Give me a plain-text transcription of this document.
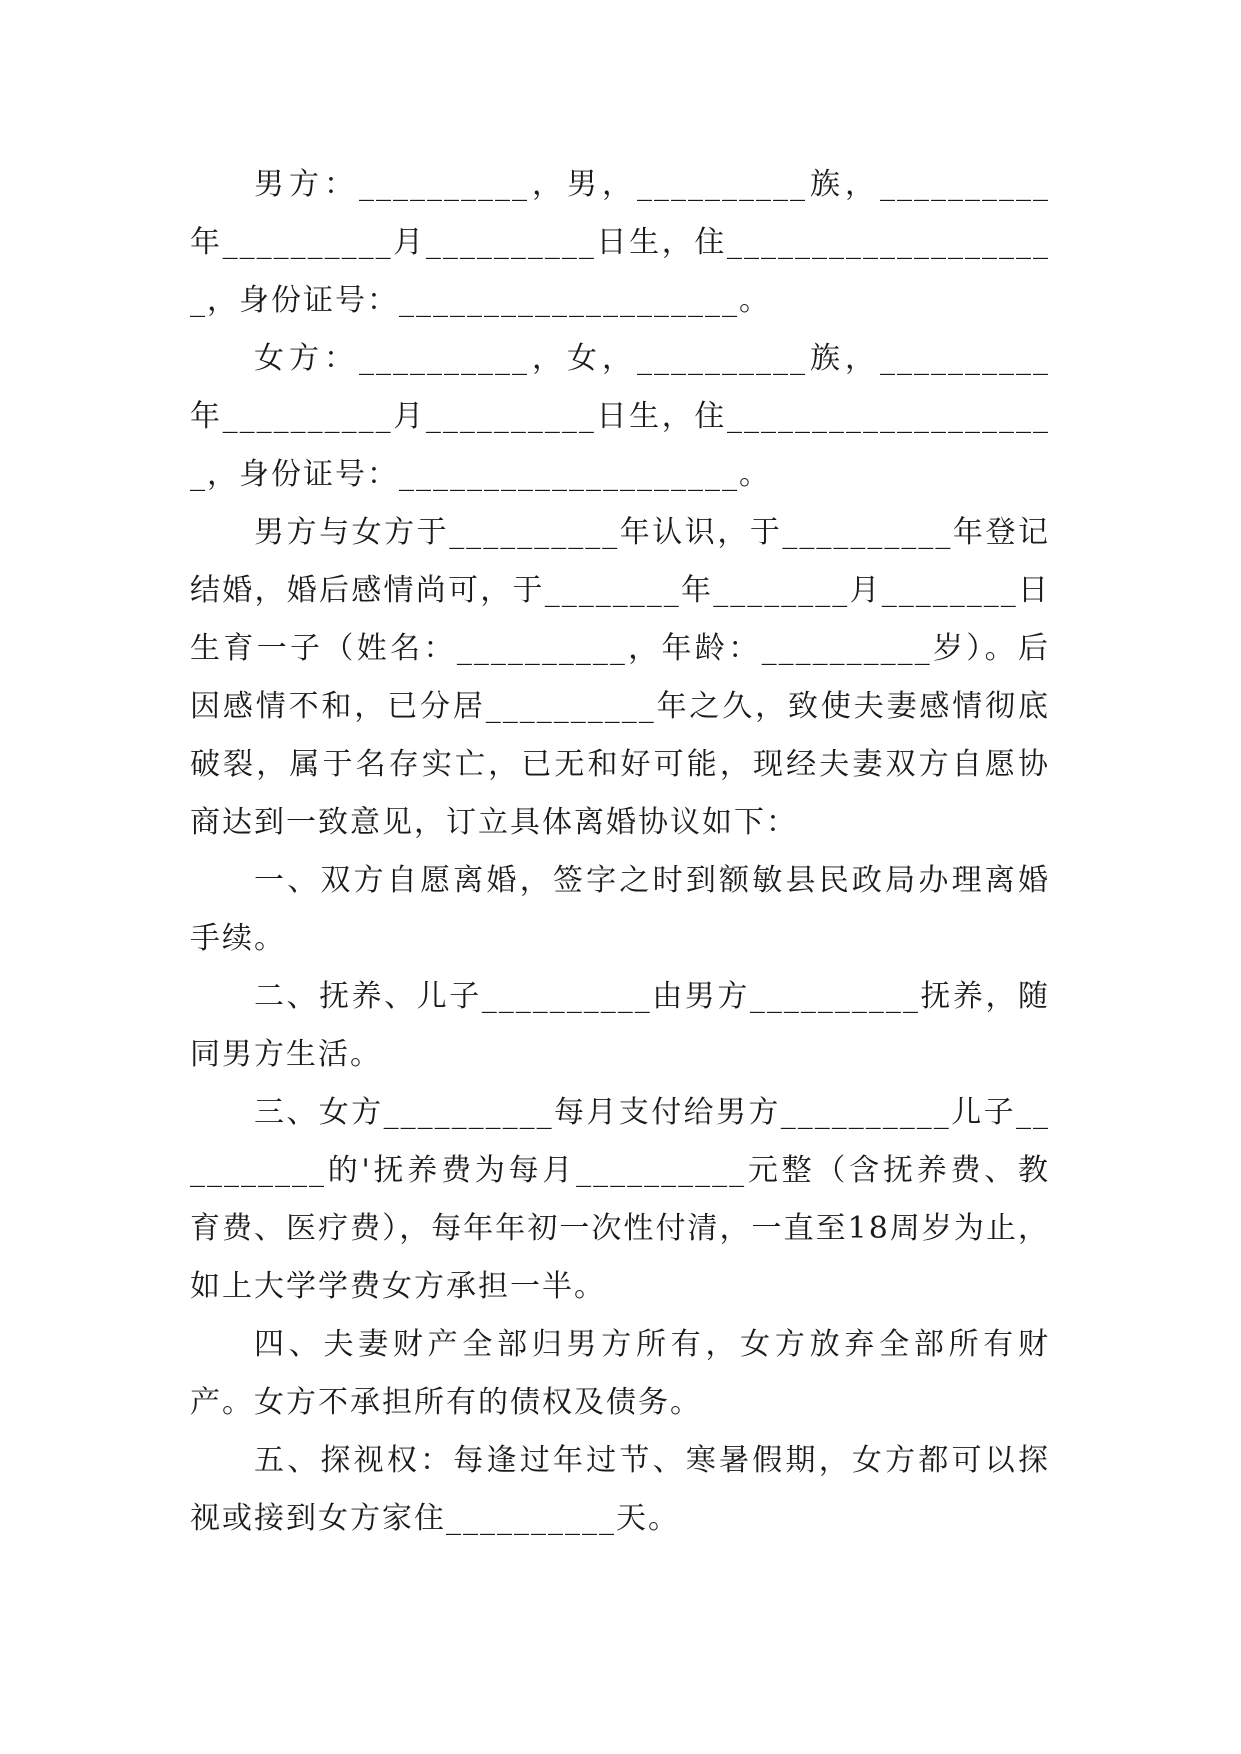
男方：__________，男，__________族，__________年__________月__________日生，住____________________，身份证号：____________________。

女方：__________，女，__________族，__________年__________月__________日生，住____________________，身份证号：____________________。

男方与女方于__________年认识，于__________年登记结婚，婚后感情尚可，于________年________月________日生育一子（姓名：__________，年龄：__________岁）。后因感情不和，已分居__________年之久，致使夫妻感情彻底破裂，属于名存实亡，已无和好可能，现经夫妻双方自愿协商达到一致意见，订立具体离婚协议如下：

一、双方自愿离婚，签字之时到额敏县民政局办理离婚手续。

二、抚养、儿子__________由男方__________抚养，随同男方生活。

三、女方__________每月支付给男方__________儿子__________的'抚养费为每月__________元整（含抚养费、教育费、医疗费），每年年初一次性付清，一直至18周岁为止，如上大学学费女方承担一半。

四、夫妻财产全部归男方所有，女方放弃全部所有财产。女方不承担所有的债权及债务。

五、探视权：每逢过年过节、寒暑假期，女方都可以探视或接到女方家住__________天。
